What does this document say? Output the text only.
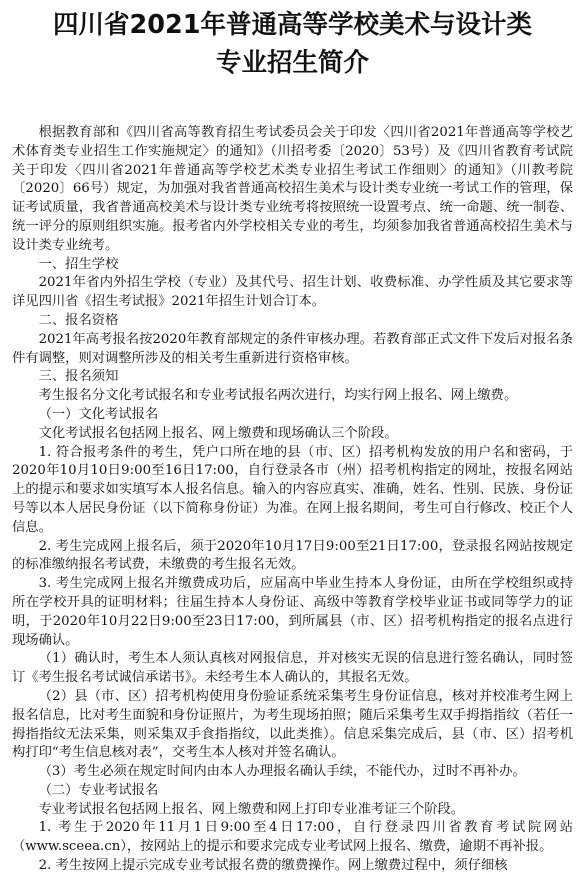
四川省2021年普通高等学校美术与设计类
专业招生简介

根据教育部和《四川省高等教育招生考试委员会关于印发〈四川省2021年普通高等学校艺术体育类专业招生工作实施规定〉的通知》（川招考委〔2020〕53号）及《四川省教育考试院关于印发〈四川省2021年普通高等学校艺术类专业招生考试工作细则〉的通知》（川教考院〔2020〕66号）规定，为加强对我省普通高校招生美术与设计类专业统一考试工作的管理，保证考试质量，我省普通高校美术与设计类专业统考将按照统一设置考点、统一命题、统一制卷、统一评分的原则组织实施。报考省内外学校相关专业的考生，均须参加我省普通高校招生美术与设计类专业统考。

一、招生学校

2021年省内外招生学校（专业）及其代号、招生计划、收费标准、办学性质及其它要求等详见四川省《招生考试报》2021年招生计划合订本。

二、报名资格

2021年高考报名按2020年教育部规定的条件审核办理。若教育部正式文件下发后对报名条件有调整，则对调整所涉及的相关考生重新进行资格审核。

三、报名须知

考生报名分文化考试报名和专业考试报名两次进行，均实行网上报名、网上缴费。

（一）文化考试报名

文化考试报名包括网上报名、网上缴费和现场确认三个阶段。

1. 符合报考条件的考生，凭户口所在地的县（市、区）招考机构发放的用户名和密码，于2020年10月10日9:00至16日17:00，自行登录各市（州）招考机构指定的网址，按报名网站上的提示和要求如实填写本人报名信息。输入的内容应真实、准确，姓名、性别、民族、身份证号等以本人居民身份证（以下简称身份证）为准。在网上报名期间，考生可自行修改、校正个人信息。

2. 考生完成网上报名后，须于2020年10月17日9:00至21日17:00，登录报名网站按规定的标准缴纳报名考试费，未缴费的考生报名无效。

3. 考生完成网上报名并缴费成功后，应届高中毕业生持本人身份证，由所在学校组织或持所在学校开具的证明材料；往届生持本人身份证、高级中等教育学校毕业证书或同等学力的证明，于2020年10月22日9:00至23日17:00，到所属县（市、区）招考机构指定的报名点进行现场确认。

（1）确认时，考生本人须认真核对网报信息，并对核实无误的信息进行签名确认，同时签订《考生报名考试诚信承诺书》。未经考生本人确认的，其报名无效。

（2）县（市、区）招考机构使用身份验证系统采集考生身份证信息，核对并校准考生网上报名信息，比对考生面貌和身份证照片，为考生现场拍照；随后采集考生双手拇指指纹（若任一拇指指纹无法采集，则采集双手食指指纹，以此类推）。信息采集完成后，县（市、区）招考机构打印“考生信息核对表”，交考生本人核对并签名确认。

（3）考生必须在规定时间内由本人办理报名确认手续，不能代办，过时不再补办。

（二）专业考试报名

专业考试报名包括网上报名、网上缴费和网上打印专业准考证三个阶段。

1. 考生于2020年11月1日9:00至4日17:00，自行登录四川省教育考试院网站（www.sceea.cn），按网站上的提示和要求完成专业考试网上报名、缴费，逾期不再补报。

2. 考生按网上提示完成专业考试报名费的缴费操作。网上缴费过程中，须仔细核
